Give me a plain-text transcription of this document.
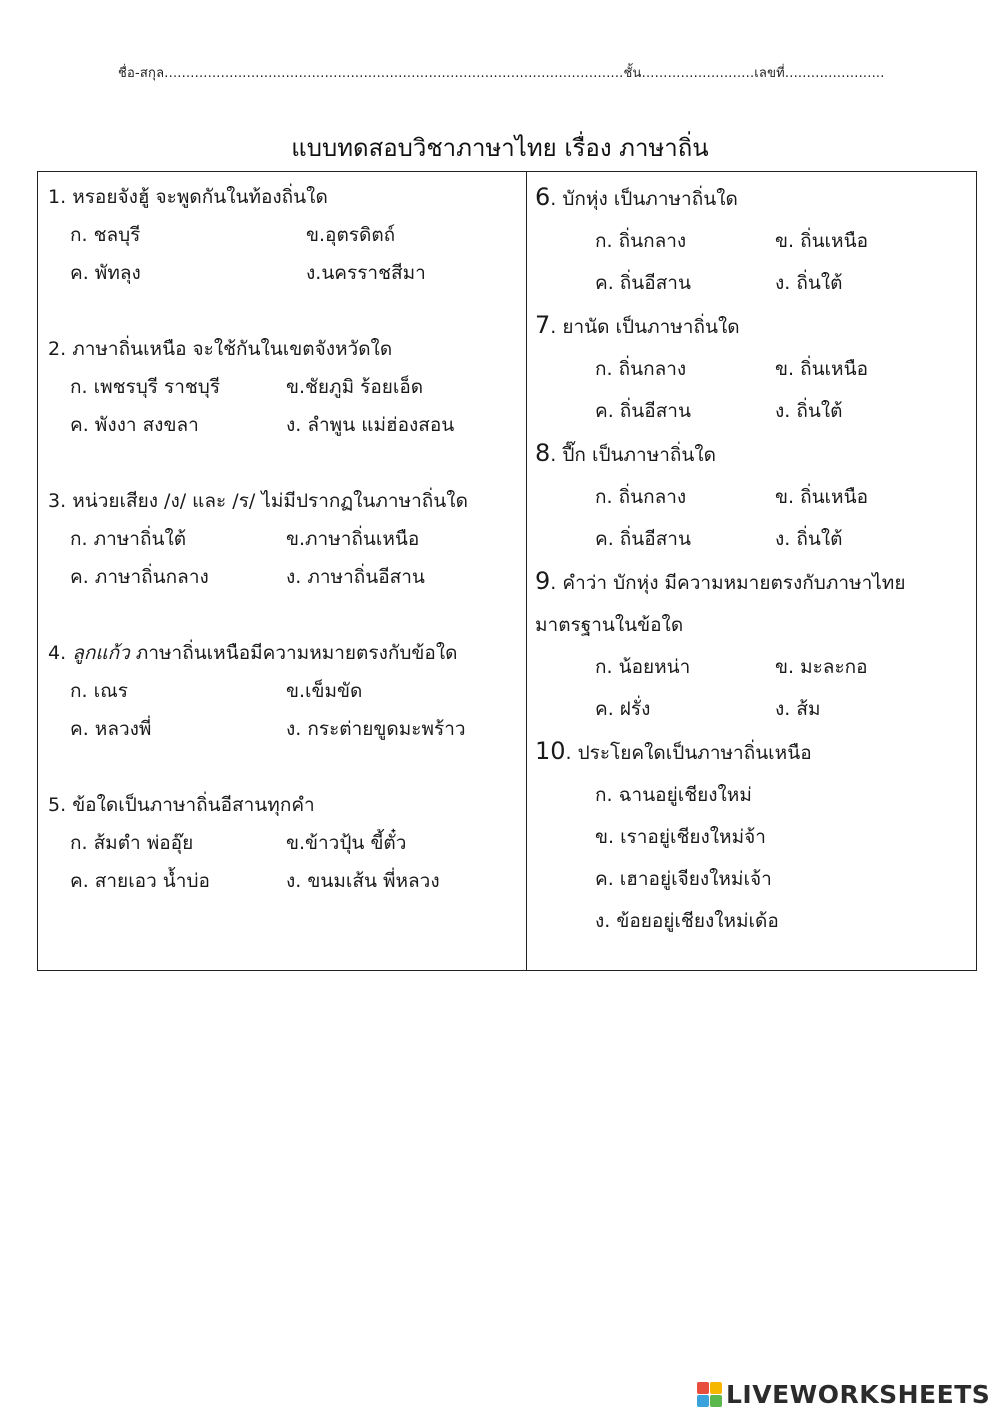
ชื่อ-สกุล..........................................................................................................ชั้น..........................เลขที่.......................
แบบทดสอบวิชาภาษาไทย เรื่อง ภาษาถิ่น
1. หรอยจังฮู้ จะพูดกันในท้องถิ่นใด
ก. ชลบุรี	ข.อุตรดิตถ์
ค. พัทลุง	ง.นครราชสีมา
2. ภาษาถิ่นเหนือ จะใช้กันในเขตจังหวัดใด
ก. เพชรบุรี ราชบุรี	ข.ชัยภูมิ ร้อยเอ็ด
ค. พังงา สงขลา	ง. ลำพูน แม่ฮ่องสอน
3. หน่วยเสียง /ง/ และ /ร/ ไม่มีปรากฏในภาษาถิ่นใด
ก. ภาษาถิ่นใต้	ข.ภาษาถิ่นเหนือ
ค. ภาษาถิ่นกลาง	ง. ภาษาถิ่นอีสาน
4. ลูกแก้ว ภาษาถิ่นเหนือมีความหมายตรงกับข้อใด
ก. เณร	ข.เข็มขัด
ค. หลวงพี่	ง. กระต่ายขูดมะพร้าว
5. ข้อใดเป็นภาษาถิ่นอีสานทุกคำ
ก. ส้มตำ พ่ออุ๊ย	ข.ข้าวปุ้น ขี้ตั๋ว
ค. สายเอว น้ำบ่อ	ง. ขนมเส้น พี่หลวง
6. บักหุ่ง เป็นภาษาถิ่นใด
ก. ถิ่นกลาง	ข. ถิ่นเหนือ
ค. ถิ่นอีสาน	ง. ถิ่นใต้
7. ยานัด เป็นภาษาถิ่นใด
ก. ถิ่นกลาง	ข. ถิ่นเหนือ
ค. ถิ่นอีสาน	ง. ถิ่นใต้
8. ปี๊ก เป็นภาษาถิ่นใด
ก. ถิ่นกลาง	ข. ถิ่นเหนือ
ค. ถิ่นอีสาน	ง. ถิ่นใต้
9. คำว่า บักหุ่ง มีความหมายตรงกับภาษาไทย
มาตรฐานในข้อใด
ก. น้อยหน่า	ข. มะละกอ
ค. ฝรั่ง	ง. ส้ม
10. ประโยคใดเป็นภาษาถิ่นเหนือ
ก. ฉานอยู่เชียงใหม่
ข. เราอยู่เชียงใหม่จ้า
ค. เฮาอยู่เจียงใหม่เจ้า
ง. ข้อยอยู่เชียงใหม่เด้อ
LIVEWORKSHEETS
